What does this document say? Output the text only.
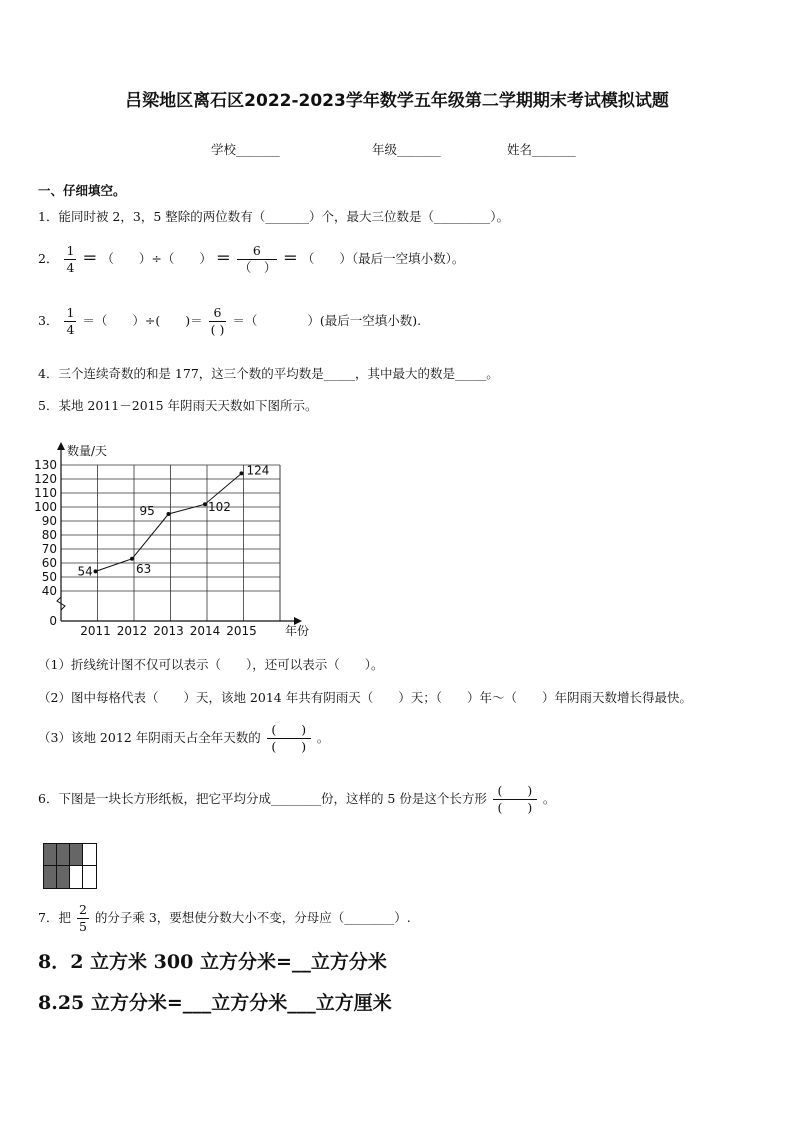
吕梁地区离石区2022-2023学年数学五年级第二学期期末考试模拟试题
学校_______	年级_______	姓名_______
一、仔细填空。
1．能同时被 2，3，5 整除的两位数有（_______）个，最大三位数是（_________）。
2． $\frac{1}{4}$ ＝ （　　）÷（　　） ＝ $\frac{6}{( )}$ ＝ （　　）（最后一空填小数）。
3． $\frac{1}{4}$ ＝（　　）÷(　　)＝ $\frac{6}{( )}$ ＝（　　　　）(最后一空填小数).
4．三个连续奇数的和是 177，这三个数的平均数是_____，其中最大的数是_____。
5．某地 2011－2015 年阴雨天天数如下图所示。
0
40
50
60
70
80
90
100
110
120
130
数量/天
2011 2012 2013 2014 2015 年份
54	63
95	102
124
（1）折线统计图不仅可以表示（　　），还可以表示（　　）。
（2）图中每格代表（　　）天，该地 2014 年共有阴雨天（　　）天；（　　）年～（　　）年阴雨天数增长得最快。
（3）该地 2012 年阴雨天占全年天数的 $\frac{( )}{( )}$ 。
6．下图是一块长方形纸板，把它平均分成________份，这样的 5 份是这个长方形 $\frac{( )}{( )}$ 。
7．把 $\frac{2}{5}$ 的分子乘 3，要想使分数大小不变，分母应（________）.
8．2 立方米 300 立方分米=__立方分米
8.25 立方分米=___立方分米___立方厘米
